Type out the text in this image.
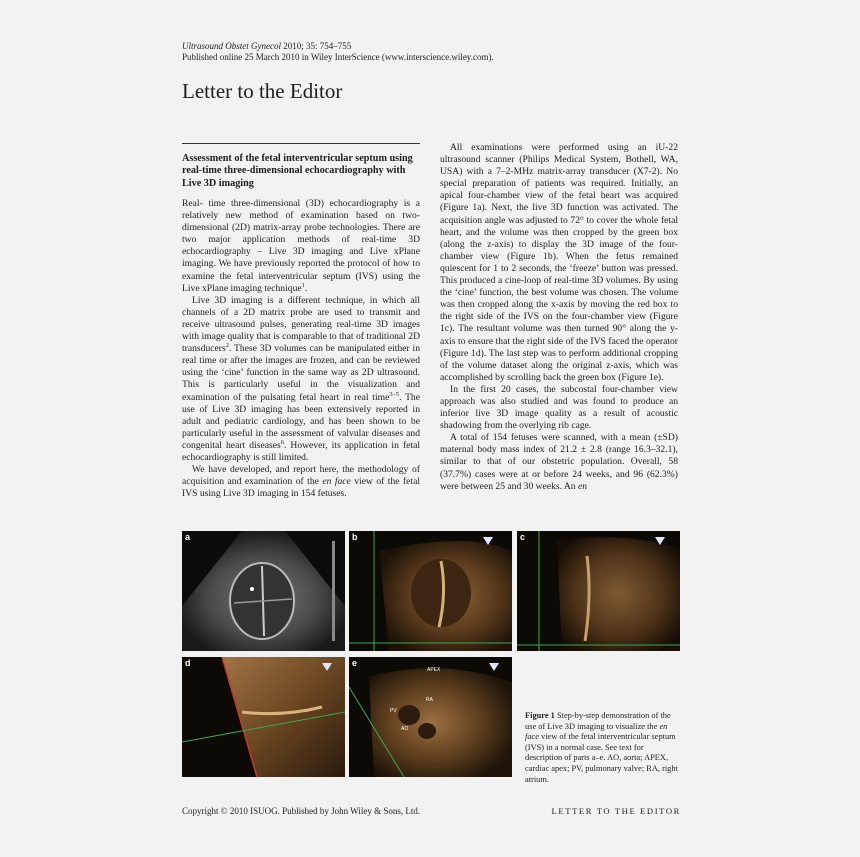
Ultrasound Obstet Gynecol 2010; 35: 754–755
Published online 25 March 2010 in Wiley InterScience (www.interscience.wiley.com).
Letter to the Editor
Assessment of the fetal interventricular septum using real-time three-dimensional echocardiography with Live 3D imaging

Real- time three-dimensional (3D) echocardiography is a relatively new method of examination based on two-dimensional (2D) matrix-array probe technologies. There are two major application methods of real-time 3D echocardiography – Live 3D imaging and Live xPlane imaging. We have previously reported the protocol of how to examine the fetal interventricular septum (IVS) using the Live xPlane imaging technique$^1$.

Live 3D imaging is a different technique, in which all channels of a 2D matrix probe are used to transmit and receive ultrasound pulses, generating real-time 3D images with image quality that is comparable to that of traditional 2D transducers$^2$. These 3D volumes can be manipulated either in real time or after the images are frozen, and can be reviewed using the ‘cine’ function in the same way as 2D ultrasound. This is particularly useful in the visualization and examination of the pulsating fetal heart in real time$^{3-5}$. The use of Live 3D imaging has been extensively reported in adult and pediatric cardiology, and has been shown to be particularly useful in the assessment of valvular diseases and congenital heart diseases$^6$. However, its application in fetal echocardiography is still limited.

We have developed, and report here, the methodology of acquisition and examination of the en face view of the fetal IVS using Live 3D imaging in 154 fetuses.

All examinations were performed using an iU-22 ultrasound scanner (Philips Medical System, Bothell, WA, USA) with a 7–2-MHz matrix-array transducer (X7-2). No special preparation of patients was required. Initially, an apical four-chamber view of the fetal heart was acquired (Figure 1a). Next, the live 3D function was activated. The acquisition angle was adjusted to 72° to cover the whole fetal heart, and the volume was then cropped by the green box (along the z-axis) to display the 3D image of the four-chamber view (Figure 1b). When the fetus remained quiescent for 1 to 2 seconds, the ‘freeze’ button was pressed. This produced a cine-loop of real-time 3D volumes. By using the ‘cine’ function, the best volume was chosen. The volume was then cropped along the x-axis by moving the red box to the right side of the IVS on the four-chamber view (Figure 1c). The resultant volume was then turned 90° along the y-axis to ensure that the right side of the IVS faced the operator (Figure 1d). The last step was to perform additional cropping of the volume dataset along the original z-axis, which was accomplished by scrolling back the green box (Figure 1e).

In the first 20 cases, the subcostal four-chamber view approach was also studied and was found to produce an inferior live 3D image quality as a result of acoustic shadowing from the overlying rib cage.

A total of 154 fetuses were scanned, with a mean (±SD) maternal body mass index of 21.2 ± 2.8 (range 16.3–32.1), similar to that of our obstetric population. Overall, 58 (37.7%) cases were at or before 24 weeks, and 96 (62.3%) were between 25 and 30 weeks. An en

a	b	c
d
APEX
RA
PV
AO
e
Figure 1 Step-by-step demonstration of the use of Live 3D imaging to visualize the en face view of the fetal interventricular septum (IVS) in a normal case. See text for description of parts a–e. AO, aorta; APEX, cardiac apex; PV, pulmonary valve; RA, right atrium.
Copyright © 2010 ISUOG. Published by John Wiley & Sons, Ltd.	LETTER TO THE EDITOR
